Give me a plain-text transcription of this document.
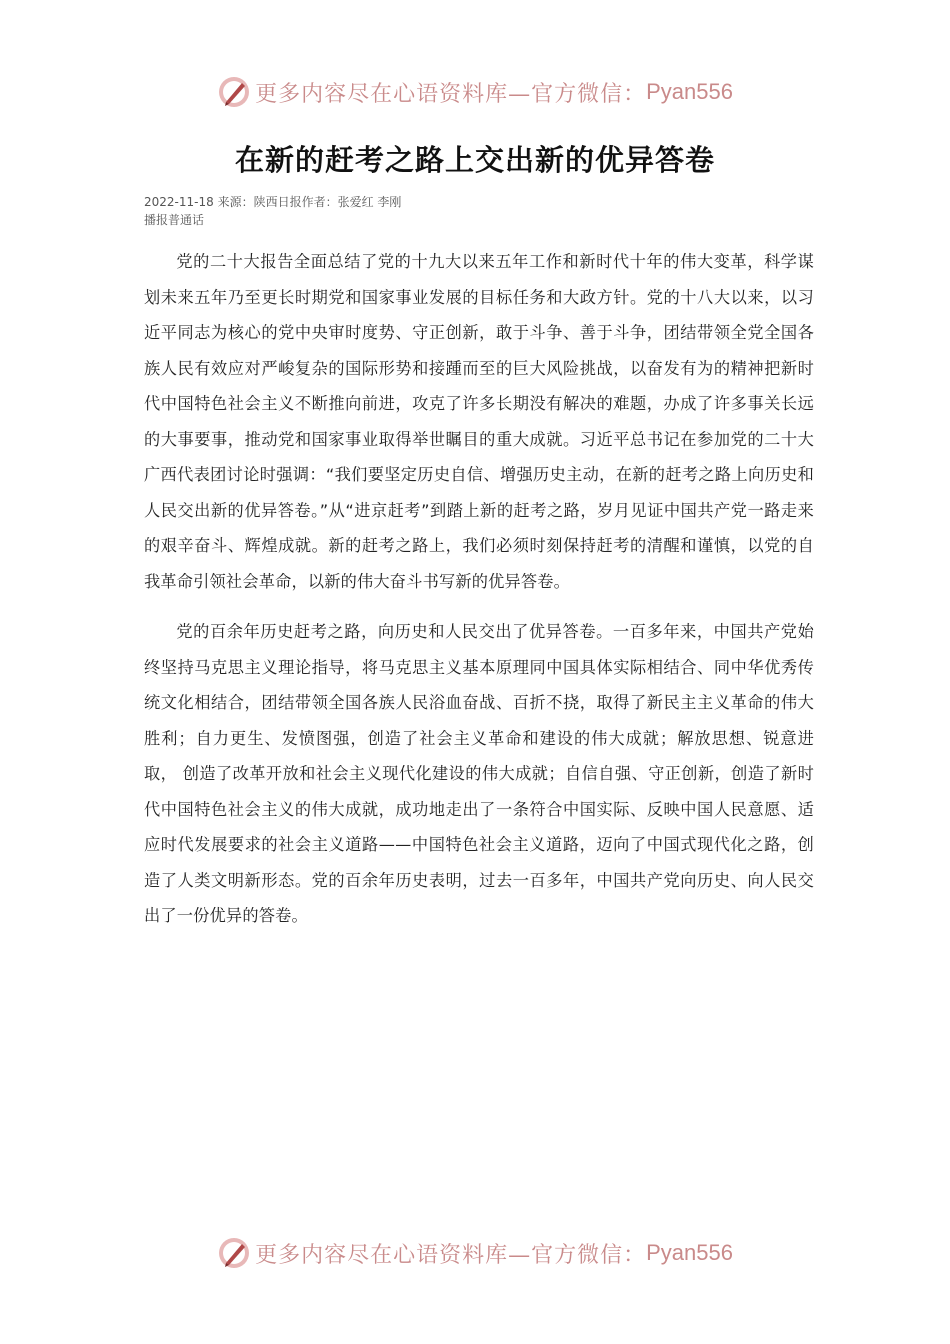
更多内容尽在心语资料库—官方微信： Pyan556
在新的赶考之路上交出新的优异答卷
2022-11-18 来源：陕西日报作者：张爱红 李刚
播报普通话

党的二十大报告全面总结了党的十九大以来五年工作和新时代十年的伟大变革，科学谋划未来五年乃至更长时期党和国家事业发展的目标任务和大政方针。党的十八大以来，以习近平同志为核心的党中央审时度势、守正创新，敢于斗争、善于斗争，团结带领全党全国各族人民有效应对严峻复杂的国际形势和接踵而至的巨大风险挑战，以奋发有为的精神把新时代中国特色社会主义不断推向前进，攻克了许多长期没有解决的难题，办成了许多事关长远的大事要事，推动党和国家事业取得举世瞩目的重大成就。习近平总书记在参加党的二十大广西代表团讨论时强调：“我们要坚定历史自信、增强历史主动，在新的赶考之路上向历史和人民交出新的优异答卷。”从“进京赶考”到踏上新的赶考之路，岁月见证中国共产党一路走来的艰辛奋斗、辉煌成就。新的赶考之路上，我们必须时刻保持赶考的清醒和谨慎，以党的自我革命引领社会革命，以新的伟大奋斗书写新的优异答卷。

党的百余年历史赶考之路，向历史和人民交出了优异答卷。一百多年来，中国共产党始终坚持马克思主义理论指导，将马克思主义基本原理同中国具体实际相结合、同中华优秀传统文化相结合，团结带领全国各族人民浴血奋战、百折不挠，取得了新民主主义革命的伟大胜利；自力更生、发愤图强，创造了社会主义革命和建设的伟大成就；解放思想、锐意进取， 创造了改革开放和社会主义现代化建设的伟大成就；自信自强、守正创新，创造了新时代中国特色社会主义的伟大成就，成功地走出了一条符合中国实际、反映中国人民意愿、适应时代发展要求的社会主义道路——中国特色社会主义道路，迈向了中国式现代化之路，创造了人类文明新形态。党的百余年历史表明，过去一百多年，中国共产党向历史、向人民交出了一份优异的答卷。

更多内容尽在心语资料库—官方微信： Pyan556
